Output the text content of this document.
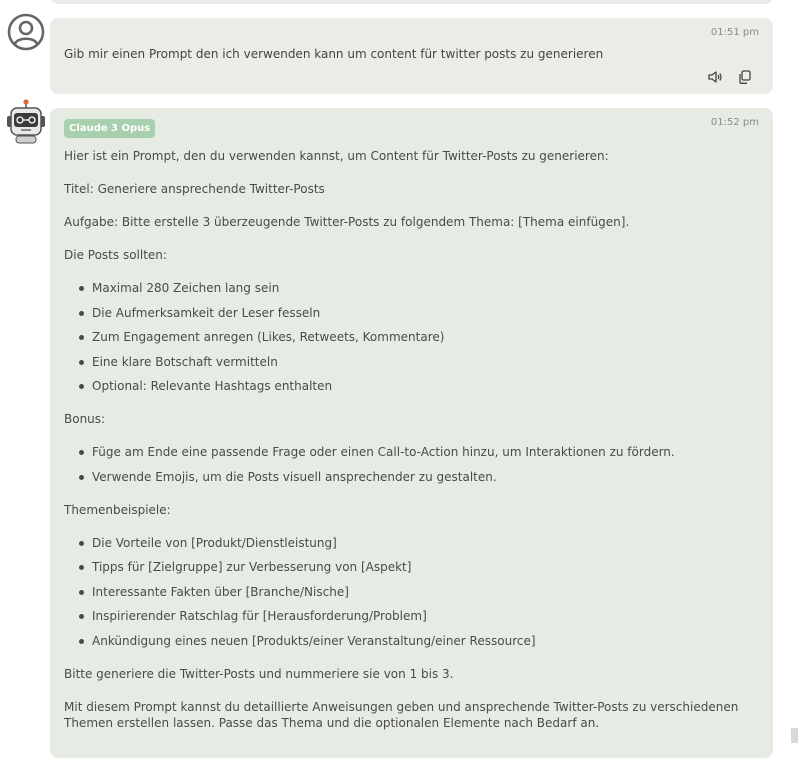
01:51 pm
Gib mir einen Prompt den ich verwenden kann um content für twitter posts zu generieren
01:52 pm
Claude 3 Opus

Hier ist ein Prompt, den du verwenden kannst, um Content für Twitter-Posts zu generieren:

Titel: Generiere ansprechende Twitter-Posts

Aufgabe: Bitte erstelle 3 überzeugende Twitter-Posts zu folgendem Thema: [Thema einfügen].

Die Posts sollten:

Maximal 280 Zeichen lang sein
Die Aufmerksamkeit der Leser fesseln
Zum Engagement anregen (Likes, Retweets, Kommentare)
Eine klare Botschaft vermitteln
Optional: Relevante Hashtags enthalten

Bonus:

Füge am Ende eine passende Frage oder einen Call-to-Action hinzu, um Interaktionen zu fördern.
Verwende Emojis, um die Posts visuell ansprechender zu gestalten.

Themenbeispiele:

Die Vorteile von [Produkt/Dienstleistung]
Tipps für [Zielgruppe] zur Verbesserung von [Aspekt]
Interessante Fakten über [Branche/Nische]
Inspirierender Ratschlag für [Herausforderung/Problem]
Ankündigung eines neuen [Produkts/einer Veranstaltung/einer Ressource]

Bitte generiere die Twitter-Posts und nummeriere sie von 1 bis 3.

Mit diesem Prompt kannst du detaillierte Anweisungen geben und ansprechende Twitter-Posts zu verschiedenen Themen erstellen lassen. Passe das Thema und die optionalen Elemente nach Bedarf an.
